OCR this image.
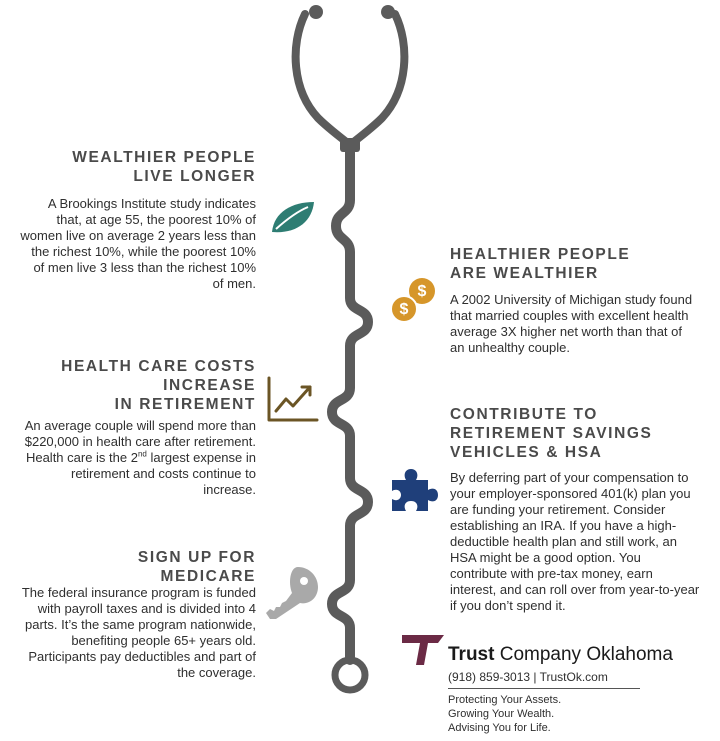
$
$
WEALTHIER PEOPLE
LIVE LONGER

A Brookings Institute study indicates that, at age 55, the poorest 10% of women live on average 2 years less than the richest 10%, while the poorest 10% of men live 3 less than the richest 10% of men.

HEALTHIER PEOPLE
ARE WEALTHIER

A 2002 University of Michigan study found that married couples with excellent health average 3X higher net worth than that of an unhealthy couple.

HEALTH CARE COSTS
INCREASE
IN RETIREMENT

An average couple will spend more than $220,000 in health care after retirement. Health care is the 2nd largest expense in retirement and costs continue to increase.

CONTRIBUTE TO
RETIREMENT SAVINGS
VEHICLES & HSA

By deferring part of your compensation to your employer-sponsored 401(k) plan you are funding your retirement. Consider establishing an IRA. If you have a high-deductible health plan and still work, an HSA might be a good option. You contribute with pre-tax money, earn interest, and can roll over from year-to-year if you don’t spend it.

SIGN UP FOR
MEDICARE

The federal insurance program is funded with payroll taxes and is divided into 4 parts. It’s the same program nationwide, benefiting people 65+ years old. Participants pay deductibles and part of the coverage.

Trust Company Oklahoma
(918) 859-3013 | TrustOk.com
Protecting Your Assets.
Growing Your Wealth.
Advising You for Life.
